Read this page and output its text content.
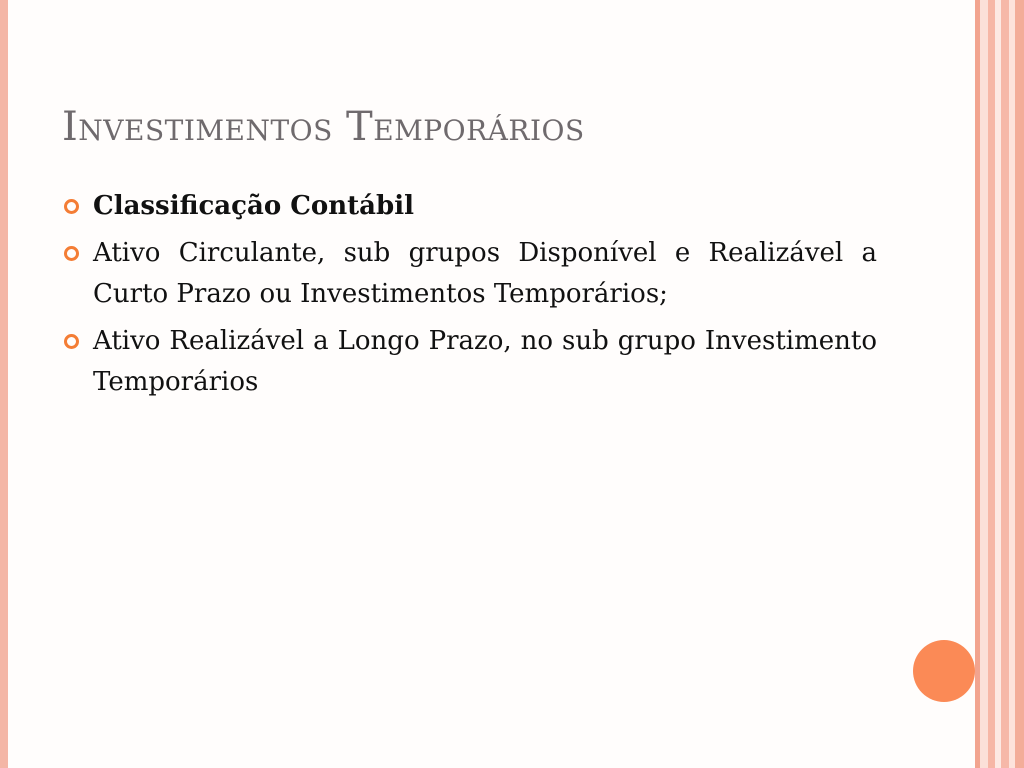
Investimentos Temporários
Classificação Contábil
Ativo Circulante, sub grupos Disponível e Realizável a Curto Prazo ou Investimentos Temporários;
Ativo Realizável a Longo Prazo, no sub grupo Investimento Temporários
